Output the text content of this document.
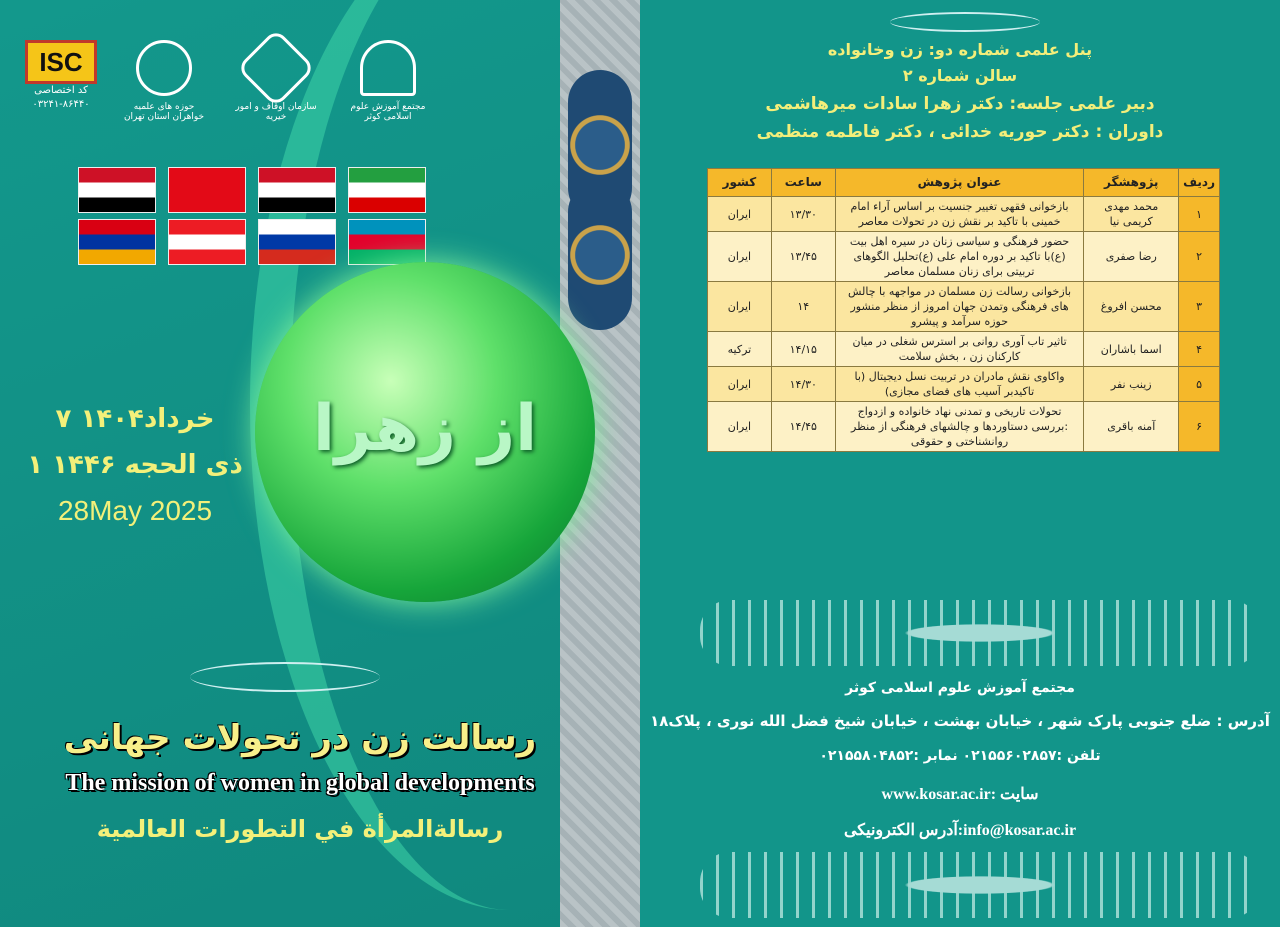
ISC
کد اختصاصی
۰۳۲۴۱-۸۶۴۴۰	حوزه های علمیه خواهران استان تهران
سازمان اوقاف و امور خیریه
مجتمع آموزش علوم اسلامی کوثر
۷ خرداد۱۴۰۴
۱ ذی الحجه ۱۴۴۶
28May 2025
از زهرا
رسالت زن در تحولات جهانی
The mission of women in global developments
رسالةالمرأة في التطورات العالمية
پنل علمی شماره دو: زن وخانواده
سالن شماره ۲
دبیر علمی جلسه: دکتر زهرا سادات میرهاشمی
داوران : دکتر حوریه خدائی ، دکتر فاطمه منظمی
ردیف	پژوهشگر	عنوان پژوهش	ساعت	کشور
۱	محمد مهدی کریمی نیا	بازخوانی فقهی تغییر جنسیت بر اساس آراء امام خمینی با تاکید بر نقش زن در تحولات معاصر	۱۳/۳۰	ایران
۲	رضا صفری	حضور فرهنگی و سیاسی زنان در سیره اهل بیت (ع)با تاکید بر دوره امام علی (ع)تحلیل الگوهای تربیتی برای زنان مسلمان معاصر	۱۳/۴۵	ایران
۳	محسن افروغ	بازخوانی رسالت زن مسلمان در مواجهه با چالش های فرهنگی وتمدن جهان امروز از منظر منشور حوزه سرآمد و پیشرو	۱۴	ایران
۴	اسما باشاران	تاثیر تاب آوری روانی بر استرس شغلی در میان کارکنان زن ، بخش سلامت	۱۴/۱۵	ترکیه
۵	زینب نفر	واکاوی نقش مادران در تربیت نسل دیجیتال (با تاکیدبر آسیب های فضای مجازی)	۱۴/۳۰	ایران
۶	آمنه باقری	تحولات تاریخی و تمدنی نهاد خانواده و ازدواج :بررسی دستاوردها و چالشهای فرهنگی از منظر روانشناختی و حقوقی	۱۴/۴۵	ایران
مجتمع آموزش علوم اسلامی کوثر
آدرس : ضلع جنوبی پارک شهر ، خیابان بهشت ، خیابان شیخ فضل الله نوری ، پلاک۱۸
تلفن :۰۲۱۵۵۶۰۲۸۵۷ نمابر :۰۲۱۵۵۸۰۴۸۵۲
www.kosar.ac.ir: سایت
آدرس الکترونیکی:info@kosar.ac.ir
